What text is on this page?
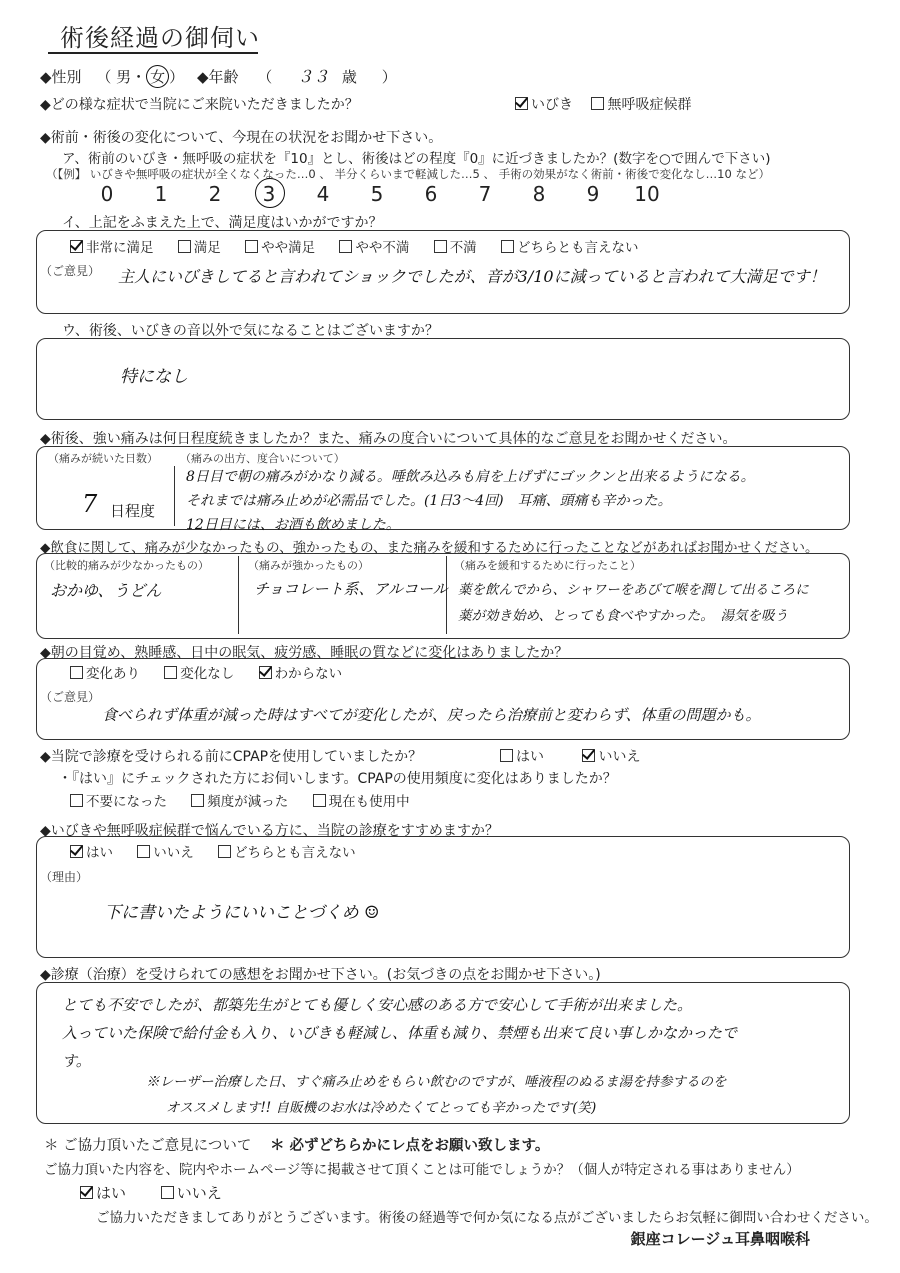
術後経過の御伺い
◆性別 （ 男・ 女 ） ◆年齢 （ ３３ 歳 ）
◆どの様な症状で当院にご来院いただきましたか？	いびき 無呼吸症候群
◆術前・術後の変化について、今現在の状況をお聞かせ下さい。
ア、術前のいびき・無呼吸の症状を『10』とし、術後はどの程度『0』に近づきましたか？(数字を○で囲んで下さい)
（【例】 いびきや無呼吸の症状が全くなくなった…0 、 半分くらいまで軽減した…5 、 手術の効果がなく術前・術後で変化なし…10 など）
0 1 2 3 4 5 6 7 8 9 10
イ、上記をふまえた上で、満足度はいかがですか？
非常に満足	満足	やや満足	やや不満	不満	どちらとも言えない
（ご意見） 主人にいびきしてると言われてショックでしたが、音が3/10に減っていると言われて大満足です！
ウ、術後、いびきの音以外で気になることはございますか？
特になし
◆術後、強い痛みは何日程度続きましたか？また、痛みの度合いについて具体的なご意見をお聞かせください。
（痛みが続いた日数）
7 日程度
（痛みの出方、度合いについて）
8日目で朝の痛みがかなり減る。唾飲み込みも肩を上げずにゴックンと出来るようになる。
それまでは痛み止めが必需品でした。(1日3～4回)　耳痛、頭痛も辛かった。
12日目には、お酒も飲めました。
◆飲食に関して、痛みが少なかったもの、強かったもの、また痛みを緩和するために行ったことなどがあればお聞かせください。
（比較的痛みが少なかったもの）
おかゆ、うどん
（痛みが強かったもの）
チョコレート系、アルコール
（痛みを緩和するために行ったこと）
薬を飲んでから、シャワーをあびて喉を潤して出るころに
薬が効き始め、とっても食べやすかった。　湯気を吸う
◆朝の目覚め、熟睡感、日中の眠気、疲労感、睡眠の質などに変化はありましたか？
変化あり	変化なし	わからない
（ご意見）
食べられず体重が減った時はすべてが変化したが、戻ったら治療前と変わらず、体重の問題かも。
◆当院で診療を受けられる前にCPAPを使用していましたか？	はい	いいえ
・『はい』にチェックされた方にお伺いします。CPAPの使用頻度に変化はありましたか？
不要になった	頻度が減った	現在も使用中
◆いびきや無呼吸症候群で悩んでいる方に、当院の診療をすすめますか？
はい	いいえ	どちらとも言えない
（理由）
下に書いたようにいいことづくめ ☺
◆診療（治療）を受けられての感想をお聞かせ下さい。(お気づきの点をお聞かせ下さい。)
とても不安でしたが、都築先生がとても優しく安心感のある方で安心して手術が出来ました。
入っていた保険で給付金も入り、いびきも軽減し、体重も減り、禁煙も出来て良い事しかなかったで
す。
※レーザー治療した日、すぐ痛み止めをもらい飲むのですが、唾液程のぬるま湯を持参するのを
オススメします!! 自販機のお水は冷めたくてとっても辛かったです(笑)
＊ ご協力頂いたご意見について ＊ 必ずどちらかにレ点をお願い致します。
ご協力頂いた内容を、院内やホームページ等に掲載させて頂くことは可能でしょうか？（個人が特定される事はありません）
はい	いいえ
ご協力いただきましてありがとうございます。術後の経過等で何か気になる点がございましたらお気軽に御問い合わせください。
銀座コレージュ耳鼻咽喉科
